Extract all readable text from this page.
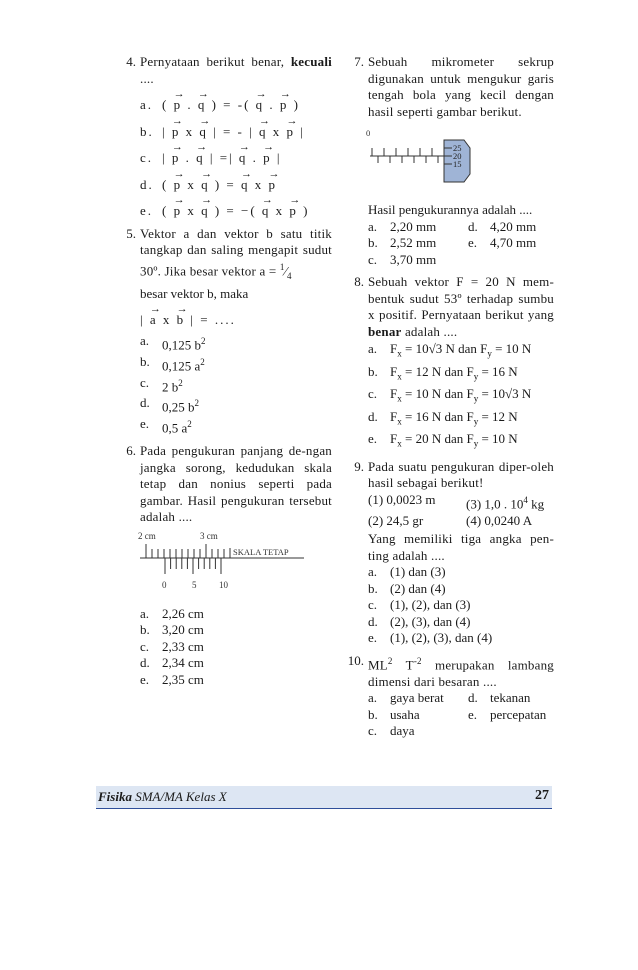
4. Pernyataan berikut benar, kecuali ....
a. ( → p . → q ) = -( → q . → p )
b. | → p x → q | = - | → q x → p |
c. | → p . → q | =| → q . → p |
d. ( → p x → q ) = → q x → p
e. ( → p x → q ) = −( → q x → p )
5. Vektor a dan vektor b satu titik tangkap dan saling mengapit sudut 30º. Jika besar vektor $a = ^1⁄_4$
besar vektor b, maka
| → a x → b | = ....
a. 0,125 $b^2$
b. 0,125 $a^2$
c. 2 $b^2$
d. 0,25 $b^2$
e. 0,5 $a^2$
6. Pada pengukuran panjang de-ngan jangka sorong, kedudukan skala tetap dan nonius seperti pada gambar. Hasil pengukuran tersebut adalah ....
2 cm	3 cm
SKALA TETAP
0	5	10
a. 2,26 cm
b. 3,20 cm
c. 2,33 cm
d. 2,34 cm
e. 2,35 cm
7. Sebuah mikrometer sekrup digunakan untuk mengukur garis tengah bola yang kecil dengan hasil seperti gambar berikut.
0
25
20
15
Hasil pengukurannya adalah ....
a. 2,20 mm	d. 4,20 mm
b. 2,52 mm	e. 4,70 mm
c. 3,70 mm
8. Sebuah vektor F = 20 N mem-bentuk sudut 53º terhadap sumbu x positif. Pernyataan berikut yang benar adalah ....
a. $F_x = 10√3$ N dan $F_y = 10$ N
b. $F_x = 12$ N dan $F_y = 16$ N
c. $F_x = 10$ N dan $F_y = 10√3$ N
d. $F_x = 16$ N dan $F_y = 12$ N
e. $F_x = 20$ N dan $F_y = 10$ N
9. Pada suatu pengukuran diper-oleh hasil sebagai berikut!
(1) 0,0023 m	(3) 1,0 . $10^4$ kg
(2) 24,5 gr	(4) 0,0240 A
Yang memiliki tiga angka pen-ting adalah ....
a. (1) dan (3)
b. (2) dan (4)
c. (1), (2), dan (3)
d. (2), (3), dan (4)
e. (1), (2), (3), dan (4)
10. $ML^2$ $T^{-2}$ merupakan lambang dimensi dari besaran ....
a. gaya berat	d. tekanan
b. usaha	e. percepatan
c. daya
Fisika SMA/MA Kelas X	27
